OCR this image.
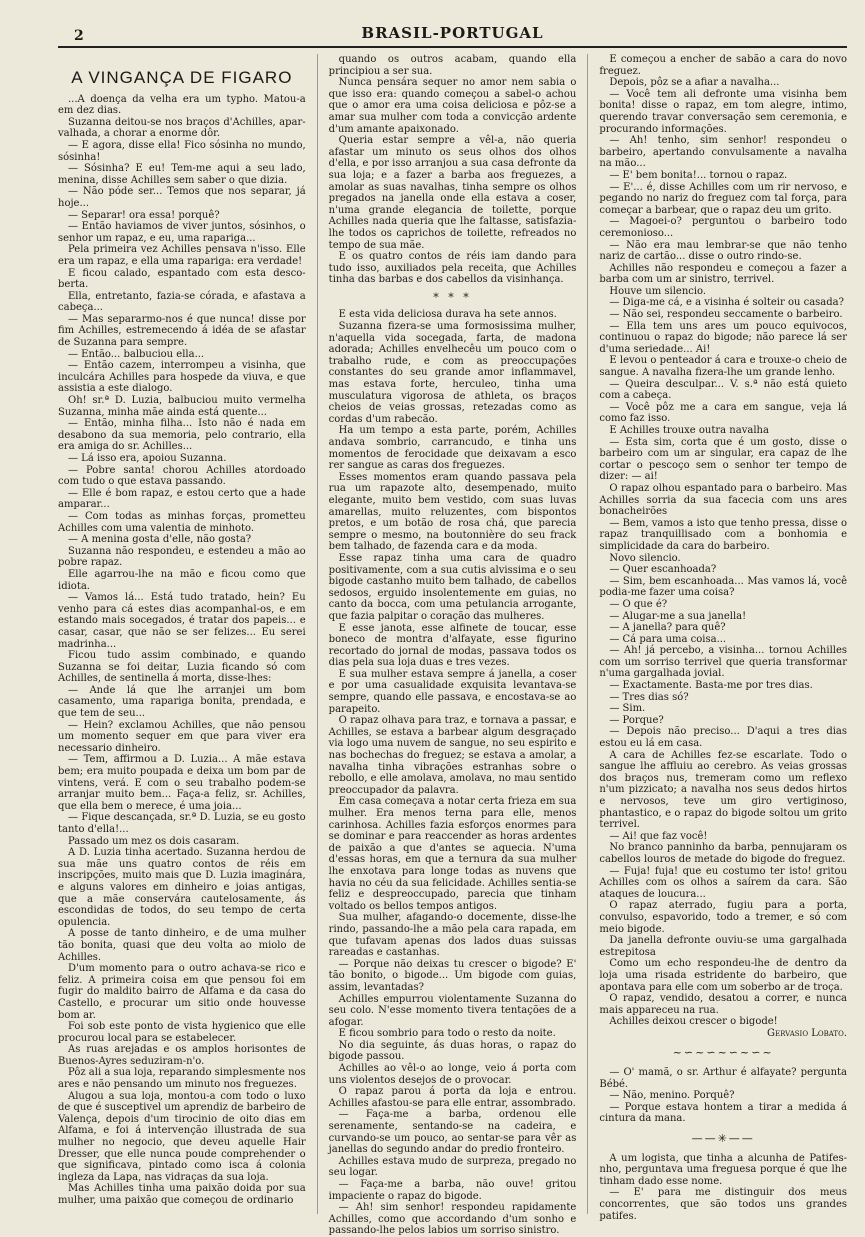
2	BRASIL-PORTUGAL
A VINGANÇA DE FIGARO

...A doença da velha era um typho. Matou-a em dez dias.

Suzanna deitou-se nos braços d'Achilles, apar-valhada, a chorar a enorme dôr.

— E agora, disse ella! Fico sósinha no mundo, sósinha!

— Sósinha? E eu! Tem-me aqui a seu lado, menina, disse Achilles sem saber o que dizia.

— Não póde ser... Temos que nos separar, já hoje...

— Separar! ora essa! porquê?

— Então haviamos de viver juntos, sósinhos, o senhor um rapaz, e eu, uma rapariga...

Pela primeira vez Achilles pensava n'isso. Elle era um rapaz, e ella uma rapariga: era verdade!

E ficou calado, espantado com esta desco-berta.

Ella, entretanto, fazia-se córada, e afastava a cabeça...

— Mas separarmo-nos é que nunca! disse por fim Achilles, estremecendo á idéa de se afastar de Suzanna para sempre.

— Então... balbuciou ella...

— Então cazem, interrompeu a visinha, que inculcára Achilles para hospede da viuva, e que assistia a este dialogo.

Oh! sr.ª D. Luzia, balbuciou muito vermelha Suzanna, minha mãe ainda está quente...

— Então, minha filha... Isto não é nada em desabono da sua memoria, pelo contrario, ella era amiga do sr. Achilles...

— Lá isso era, apoiou Suzanna.

— Pobre santa! chorou Achilles atordoado com tudo o que estava passando.

— Elle é bom rapaz, e estou certo que a hade amparar...

— Com todas as minhas forças, prometteu Achilles com uma valentia de minhoto.

— A menina gosta d'elle, não gosta?

Suzanna não respondeu, e estendeu a mão ao pobre rapaz.

Elle agarrou-lhe na mão e ficou como que idiota.

— Vamos lá... Está tudo tratado, hein? Eu venho para cá estes dias acompanhal-os, e em estando mais socegados, é tratar dos papeis... e casar, casar, que não se ser felizes... Eu serei madrinha...

Ficou tudo assim combinado, e quando Suzanna se foi deitar, Luzia ficando só com Achilles, de sentinella á morta, disse-lhes:

— Ande lá que lhe arranjei um bom casamento, uma rapariga bonita, prendada, e que tem de seu...

— Hein? exclamou Achilles, que não pensou um momento sequer em que para viver era necessario dinheiro.

— Tem, affirmou a D. Luzia... A mãe estava bem; era muito poupada e deixa um bom par de vintens, verá. E com o seu trabalho podem-se arranjar muito bem... Faça-a feliz, sr. Achilles, que ella bem o merece, é uma joia...

— Fique descançada, sr.ª D. Luzia, se eu gosto tanto d'ella!...

Passado um mez os dois casaram.

A D. Luzia tinha acertado. Suzanna herdou de sua mãe uns quatro contos de réis em inscripções, muito mais que D. Luzia imaginára, e alguns valores em dinheiro e joias antigas, que a mãe conservára cautelosamente, ás escondidas de todos, do seu tempo de certa opulencia.

A posse de tanto dinheiro, e de uma mulher tão bonita, quasi que deu volta ao miolo de Achilles.

D'um momento para o outro achava-se rico e feliz. A primeira coisa em que pensou foi em fugir do maldito bairro de Alfama e da casa do Castello, e procurar um sitio onde houvesse bom ar.

Foi sob este ponto de vista hygienico que elle procurou local para se estabelecer.

As ruas arejadas e os amplos horisontes de Buenos-Ayres seduziram-n'o.

Pôz ali a sua loja, reparando simplesmente nos ares e não pensando um minuto nos freguezes.

Alugou a sua loja, montou-a com todo o luxo de que é susceptivel um aprendiz de barbeiro de Valença, depois d'um tirocinio de oito dias em Alfama, e foi á intervenção illustrada de sua mulher no negocio, que deveu aquelle Hair Dresser, que elle nunca poude comprehender o que significava, pintado como isca á colonia ingleza da Lapa, nas vidraças da sua loja.

Mas Achilles tinha uma paixão doida por sua mulher, uma paixão que começou de ordinario

quando os outros acabam, quando ella principiou a ser sua.

Nunca pensára sequer no amor nem sabia o que isso era: quando começou a sabel-o achou que o amor era uma coisa deliciosa e pôz-se a amar sua mulher com toda a convicção ardente d'um amante apaixonado.

Queria estar sempre a vêl-a, não queria afastar um minuto os seus olhos dos olhos d'ella, e por isso arranjou a sua casa defronte da sua loja; e a fazer a barba aos freguezes, a amolar as suas navalhas, tinha sempre os olhos pregados na janella onde ella estava a coser, n'uma grande elegancia de toilette, porque Achilles nada queria que lhe faltasse, satisfazia-lhe todos os caprichos de toilette, refreados no tempo de sua mãe.

E os quatro contos de réis iam dando para tudo isso, auxiliados pela receita, que Achilles tinha das barbas e dos cabellos da visinhança.

* * *

E esta vida deliciosa durava ha sete annos.

Suzanna fizera-se uma formosissima mulher, n'aquella vida socegada, farta, de madona adorada; Achilles envelhecêu um pouco com o trabalho rude, e com as preoccupações constantes do seu grande amor inflammavel, mas estava forte, herculeo, tinha uma musculatura vigorosa de athleta, os braços cheios de veias grossas, retezadas como as cordas d'um rabecão.

Ha um tempo a esta parte, porém, Achilles andava sombrio, carrancudo, e tinha uns momentos de ferocidade que deixavam a esco rer sangue as caras dos freguezes.

Esses momentos eram quando passava pela rua um rapazote alto, desempenado, muito elegante, muito bem vestido, com suas luvas amarellas, muito reluzentes, com bispontos pretos, e um botão de rosa chá, que parecia sempre o mesmo, na boutonnière do seu frack bem talhado, de fazenda cara e da moda.

Esse rapaz tinha uma cara de quadro positivamente, com a sua cutis alvissima e o seu bigode castanho muito bem talhado, de cabellos sedosos, erguido insolentemente em guias, no canto da bocca, com uma petulancia arrogante, que fazia palpitar o coração das mulheres.

E esse janota, esse alfinete de toucar, esse boneco de montra d'alfayate, esse figurino recortado do jornal de modas, passava todos os dias pela sua loja duas e tres vezes.

E sua mulher estava sempre á janella, a coser e por uma casualidade exquisita levantava-se sempre, quando elle passava, e encostava-se ao parapeito.

O rapaz olhava para traz, e tornava a passar, e Achilles, se estava a barbear algum desgraçado via logo uma nuvem de sangue, no seu espirito e nas bochechas do freguez; se estava a amolar, a navalha tinha vibrações estranhas sobre o rebollo, e elle amolava, amolava, no mau sentido preoccupador da palavra.

Em casa começava a notar certa frieza em sua mulher. Era menos terna para elle, menos carinhosa. Achilles fazia esforços enormes para se dominar e para reaccender as horas ardentes de paixão a que d'antes se aquecia. N'uma d'essas horas, em que a ternura da sua mulher lhe enxotava para longe todas as nuvens que havia no céu da sua felicidade. Achilles sentia-se feliz e despreoccupado, parecia que tinham voltado os bellos tempos antigos.

Sua mulher, afagando-o docemente, disse-lhe rindo, passando-lhe a mão pela cara rapada, em que tufavam apenas dos lados duas suissas rareadas e castanhas.

— Porque não deixas tu crescer o bigode? E' tão bonito, o bigode... Um bigode com guias, assim, levantadas?

Achilles empurrou violentamente Suzanna do seu colo. N'esse momento tivera tentações de a afogar.

E ficou sombrio para todo o resto da noite.

No dia seguinte, ás duas horas, o rapaz do bigode passou.

Achilles ao vêl-o ao longe, veio á porta com uns violentos desejos de o provocar.

O rapaz parou á porta da loja e entrou. Achilles afastou-se para elle entrar, assombrado.

— Faça-me a barba, ordenou elle serenamente, sentando-se na cadeira, e curvando-se um pouco, ao sentar-se para vêr as janellas do segundo andar do predio fronteiro.

Achilles estava mudo de surpreza, pregado no seu logar.

— Faça-me a barba, não ouve! gritou impaciente o rapaz do bigode.

— Ah! sim senhor! respondeu rapidamente Achilles, como que accordando d'um sonho e passando-lhe pelos labios um sorriso sinistro.

E começou a encher de sabão a cara do novo freguez.

Depois, pôz se a afiar a navalha...

— Você tem ali defronte uma visinha bem bonita! disse o rapaz, em tom alegre, intimo, querendo travar conversação sem ceremonia, e procurando informações.

— Ah! tenho, sim senhor! respondeu o barbeiro, apertando convulsamente a navalha na mão...

— E' bem bonita!... tornou o rapaz.

— E'... é, disse Achilles com um rir nervoso, e pegando no nariz do freguez com tal força, para começar a barbear, que o rapaz deu um grito.

— Magoei-o? perguntou o barbeiro todo ceremonioso...

— Não era mau lembrar-se que não tenho nariz de cartão... disse o outro rindo-se.

Achilles não respondeu e começou a fazer a barba com um ar sinistro, terrivel.

Houve um silencio.

— Diga-me cá, e a visinha é solteir ou casada?

— Não sei, respondeu seccamente o barbeiro.

— Ella tem uns ares um pouco equivocos, continuou o rapaz do bigode; não parece lá ser d'uma seriedade... Ai!

E levou o penteador á cara e trouxe-o cheio de sangue. A navalha fizera-lhe um grande lenho.

— Queira desculpar... V. s.ª não está quieto com a cabeça.

— Você pôz me a cara em sangue, veja lá como faz isso.

E Achilles trouxe outra navalha

— Esta sim, corta que é um gosto, disse o barbeiro com um ar singular, era capaz de lhe cortar o pescoço sem o senhor ter tempo de dizer: — ai!

O rapaz olhou espantado para o barbeiro. Mas Achilles sorria da sua facecia com uns ares bonacheirões

— Bem, vamos a isto que tenho pressa, disse o rapaz tranquillisado com a bonhomia e simplicidade da cara do barbeiro.

Novo silencio.

— Quer escanhoada?

— Sim, bem escanhoada... Mas vamos lá, você podia-me fazer uma coisa?

— O que é?

— Alugar-me a sua janella!

— A janella? para quê?

— Cá para uma coisa...

— Ah! já percebo, a visinha... tornou Achilles com um sorriso terrivel que queria transformar n'uma gargalhada jovial.

— Exactamente. Basta-me por tres dias.

— Tres dias só?

— Sim.

— Porque?

— Depois não preciso... D'aqui a tres dias estou eu lá em casa.

A cara de Achilles fez-se escarlate. Todo o sangue lhe affluiu ao cerebro. As veias grossas dos braços nus, tremeram como um reflexo n'um pizzicato; a navalha nos seus dedos hirtos e nervosos, teve um giro vertiginoso, phantastico, e o rapaz do bigode soltou um grito terrivel.

— Ai! que faz você!

No branco panninho da barba, pennujaram os cabellos louros de metade do bigode do freguez.

— Fuja! fuja! que eu costumo ter isto! gritou Achilles com os olhos a saírem da cara. São ataques de loucura...

O rapaz aterrado, fugiu para a porta, convulso, espavorido, todo a tremer, e só com meio bigode.

Da janella defronte ouviu-se uma gargalhada estrepitosa

Como um echo respondeu-lhe de dentro da loja uma risada estridente do barbeiro, que apontava para elle com um soberbo ar de troça.

O rapaz, vendido, desatou a correr, e nunca mais appareceu na rua.

Achilles deixou crescer o bigode!

Gervasio Lobato.

~∽~∽~∽~∽~

— O' mamã, o sr. Arthur é alfayate? pergunta Bébé.

— Não, menino. Porquê?

— Porque estava hontem a tirar a medida á cintura da mana.

——✳——

A um logista, que tinha a alcunha de Patifes-nho, perguntava uma freguesa porque é que lhe tinham dado esse nome.

— E' para me distinguir dos meus concorrentes, que são todos uns grandes patifes.
